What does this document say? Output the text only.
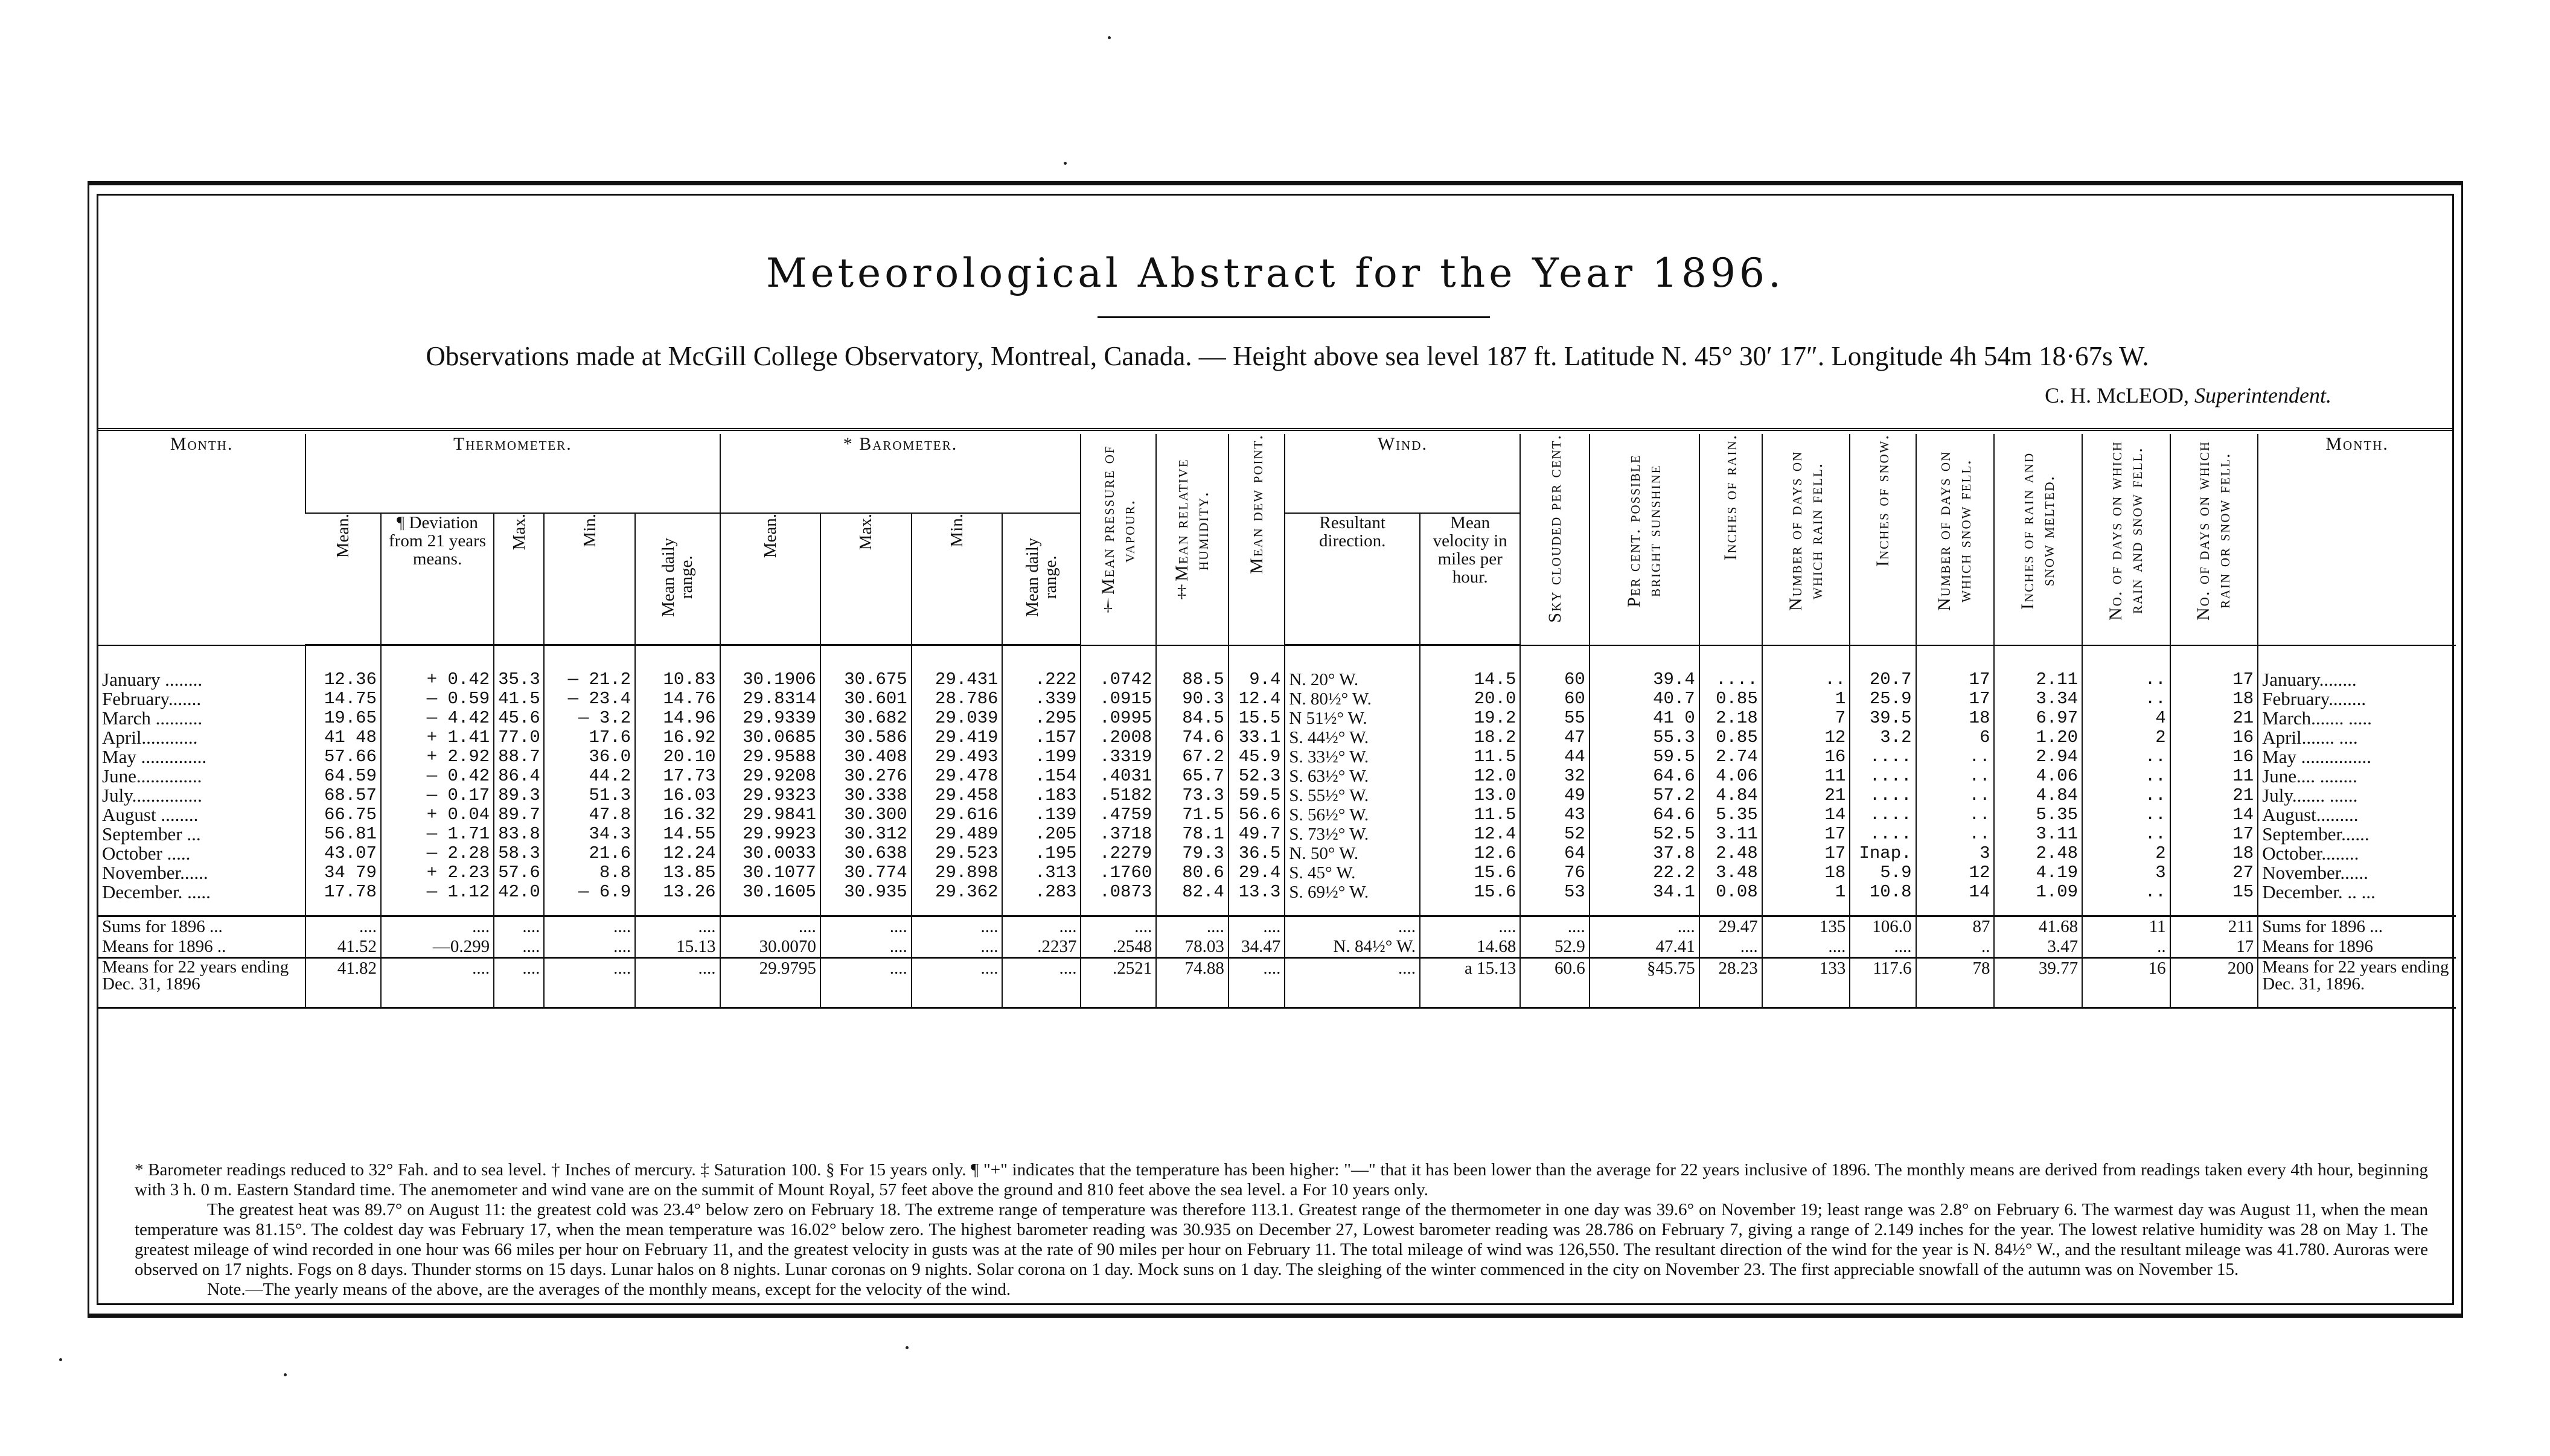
Meteorological Abstract for the Year 1896.
Observations made at McGill College Observatory, Montreal, Canada. — Height above sea level 187 ft. Latitude N. 45° 30′ 17″. Longitude 4h 54m 18·67s W.
C. H. McLEOD, Superintendent.
Month.	Thermometer.					* Barometer.				†Mean pressure of vapour.	‡Mean relative humidity.	Mean dew point.	Wind.		Sky clouded per cent.	Per cent. possible bright sunshine	Inches of rain.	Number of days on which rain fell.	Inches of snow.	Number of days on which snow fell.	Inches of rain and snow melted.	No. of days on which rain and snow fell.	No. of days on which rain or snow fell.	Month.
	Mean.	¶ Deviation from 21 years means.	Max.	Min.	Mean daily range.	Mean.	Max.	Min.	Mean daily range.				Resultant direction.	Mean velocity in miles per hour.										
January ........	12.36	+ 0.42	35.3	— 21.2	10.83	30.1906	30.675	29.431	.222	.0742	88.5	9.4	N. 20° W.	14.5	60	39.4	....	..	20.7	17	2.11	..	17	January........
February.......	14.75	— 0.59	41.5	— 23.4	14.76	29.8314	30.601	28.786	.339	.0915	90.3	12.4	N. 80½° W.	20.0	60	40.7	0.85	1	25.9	17	3.34	..	18	February........
March ..........	19.65	— 4.42	45.6	— 3.2	14.96	29.9339	30.682	29.039	.295	.0995	84.5	15.5	N 51½° W.	19.2	55	41 0	2.18	7	39.5	18	6.97	4	21	March....... .....
April............	41 48	+ 1.41	77.0	17.6	16.92	30.0685	30.586	29.419	.157	.2008	74.6	33.1	S. 44½° W.	18.2	47	55.3	0.85	12	3.2	6	1.20	2	16	April....... ....
May ..............	57.66	+ 2.92	88.7	36.0	20.10	29.9588	30.408	29.493	.199	.3319	67.2	45.9	S. 33½° W.	11.5	44	59.5	2.74	16	....	..	2.94	..	16	May ...............
June..............	64.59	— 0.42	86.4	44.2	17.73	29.9208	30.276	29.478	.154	.4031	65.7	52.3	S. 63½° W.	12.0	32	64.6	4.06	11	....	..	4.06	..	11	June.... ........
July...............	68.57	— 0.17	89.3	51.3	16.03	29.9323	30.338	29.458	.183	.5182	73.3	59.5	S. 55½° W.	13.0	49	57.2	4.84	21	....	..	4.84	..	21	July....... ......
August ........	66.75	+ 0.04	89.7	47.8	16.32	29.9841	30.300	29.616	.139	.4759	71.5	56.6	S. 56½° W.	11.5	43	64.6	5.35	14	....	..	5.35	..	14	August.........
September ...	56.81	— 1.71	83.8	34.3	14.55	29.9923	30.312	29.489	.205	.3718	78.1	49.7	S. 73½° W.	12.4	52	52.5	3.11	17	....	..	3.11	..	17	September......
October .....	43.07	— 2.28	58.3	21.6	12.24	30.0033	30.638	29.523	.195	.2279	79.3	36.5	N. 50° W.	12.6	64	37.8	2.48	17	Inap.	3	2.48	2	18	October........
November......	34 79	+ 2.23	57.6	8.8	13.85	30.1077	30.774	29.898	.313	.1760	80.6	29.4	S. 45° W.	15.6	76	22.2	3.48	18	5.9	12	4.19	3	27	November......
December. .....	17.78	— 1.12	42.0	— 6.9	13.26	30.1605	30.935	29.362	.283	.0873	82.4	13.3	S. 69½° W.	15.6	53	34.1	0.08	1	10.8	14	1.09	..	15	December. .. ...
Sums for 1896 ...	....	....	....	....	....	....	....	....	....	....	....	....	....	....	....	....	29.47	135	106.0	87	41.68	11	211	Sums for 1896 ...
Means for 1896 ..	41.52	—0.299	....	....	15.13	30.0070	....	....	.2237	.2548	78.03	34.47	N. 84½° W.	14.68	52.9	47.41	....	....	....	..	3.47	..	17	Means for 1896
Means for 22 years ending Dec. 31, 1896	41.82	....	....	....	....	29.9795	....	....	....	.2521	74.88	....	....	a 15.13	60.6	§45.75	28.23	133	117.6	78	39.77	16	200	Means for 22 years ending Dec. 31, 1896.

* Barometer readings reduced to 32° Fah. and to sea level. † Inches of mercury. ‡ Saturation 100. § For 15 years only. ¶ "+" indicates that the temperature has been higher: "—" that it has been lower than the average for 22 years inclusive of 1896. The monthly means are derived from readings taken every 4th hour, beginning with 3 h. 0 m. Eastern Standard time. The anemometer and wind vane are on the summit of Mount Royal, 57 feet above the ground and 810 feet above the sea level. a For 10 years only.

The greatest heat was 89.7° on August 11: the greatest cold was 23.4° below zero on February 18. The extreme range of temperature was therefore 113.1. Greatest range of the thermometer in one day was 39.6° on November 19; least range was 2.8° on February 6. The warmest day was August 11, when the mean temperature was 81.15°. The coldest day was February 17, when the mean temperature was 16.02° below zero. The highest barometer reading was 30.935 on December 27, Lowest barometer reading was 28.786 on February 7, giving a range of 2.149 inches for the year. The lowest relative humidity was 28 on May 1. The greatest mileage of wind recorded in one hour was 66 miles per hour on February 11, and the greatest velocity in gusts was at the rate of 90 miles per hour on February 11. The total mileage of wind was 126,550. The resultant direction of the wind for the year is N. 84½° W., and the resultant mileage was 41.780. Auroras were observed on 17 nights. Fogs on 8 days. Thunder storms on 15 days. Lunar halos on 8 nights. Lunar coronas on 9 nights. Solar corona on 1 day. Mock suns on 1 day. The sleighing of the winter commenced in the city on November 23. The first appreciable snowfall of the autumn was on November 15.

Note.—The yearly means of the above, are the averages of the monthly means, except for the velocity of the wind.
